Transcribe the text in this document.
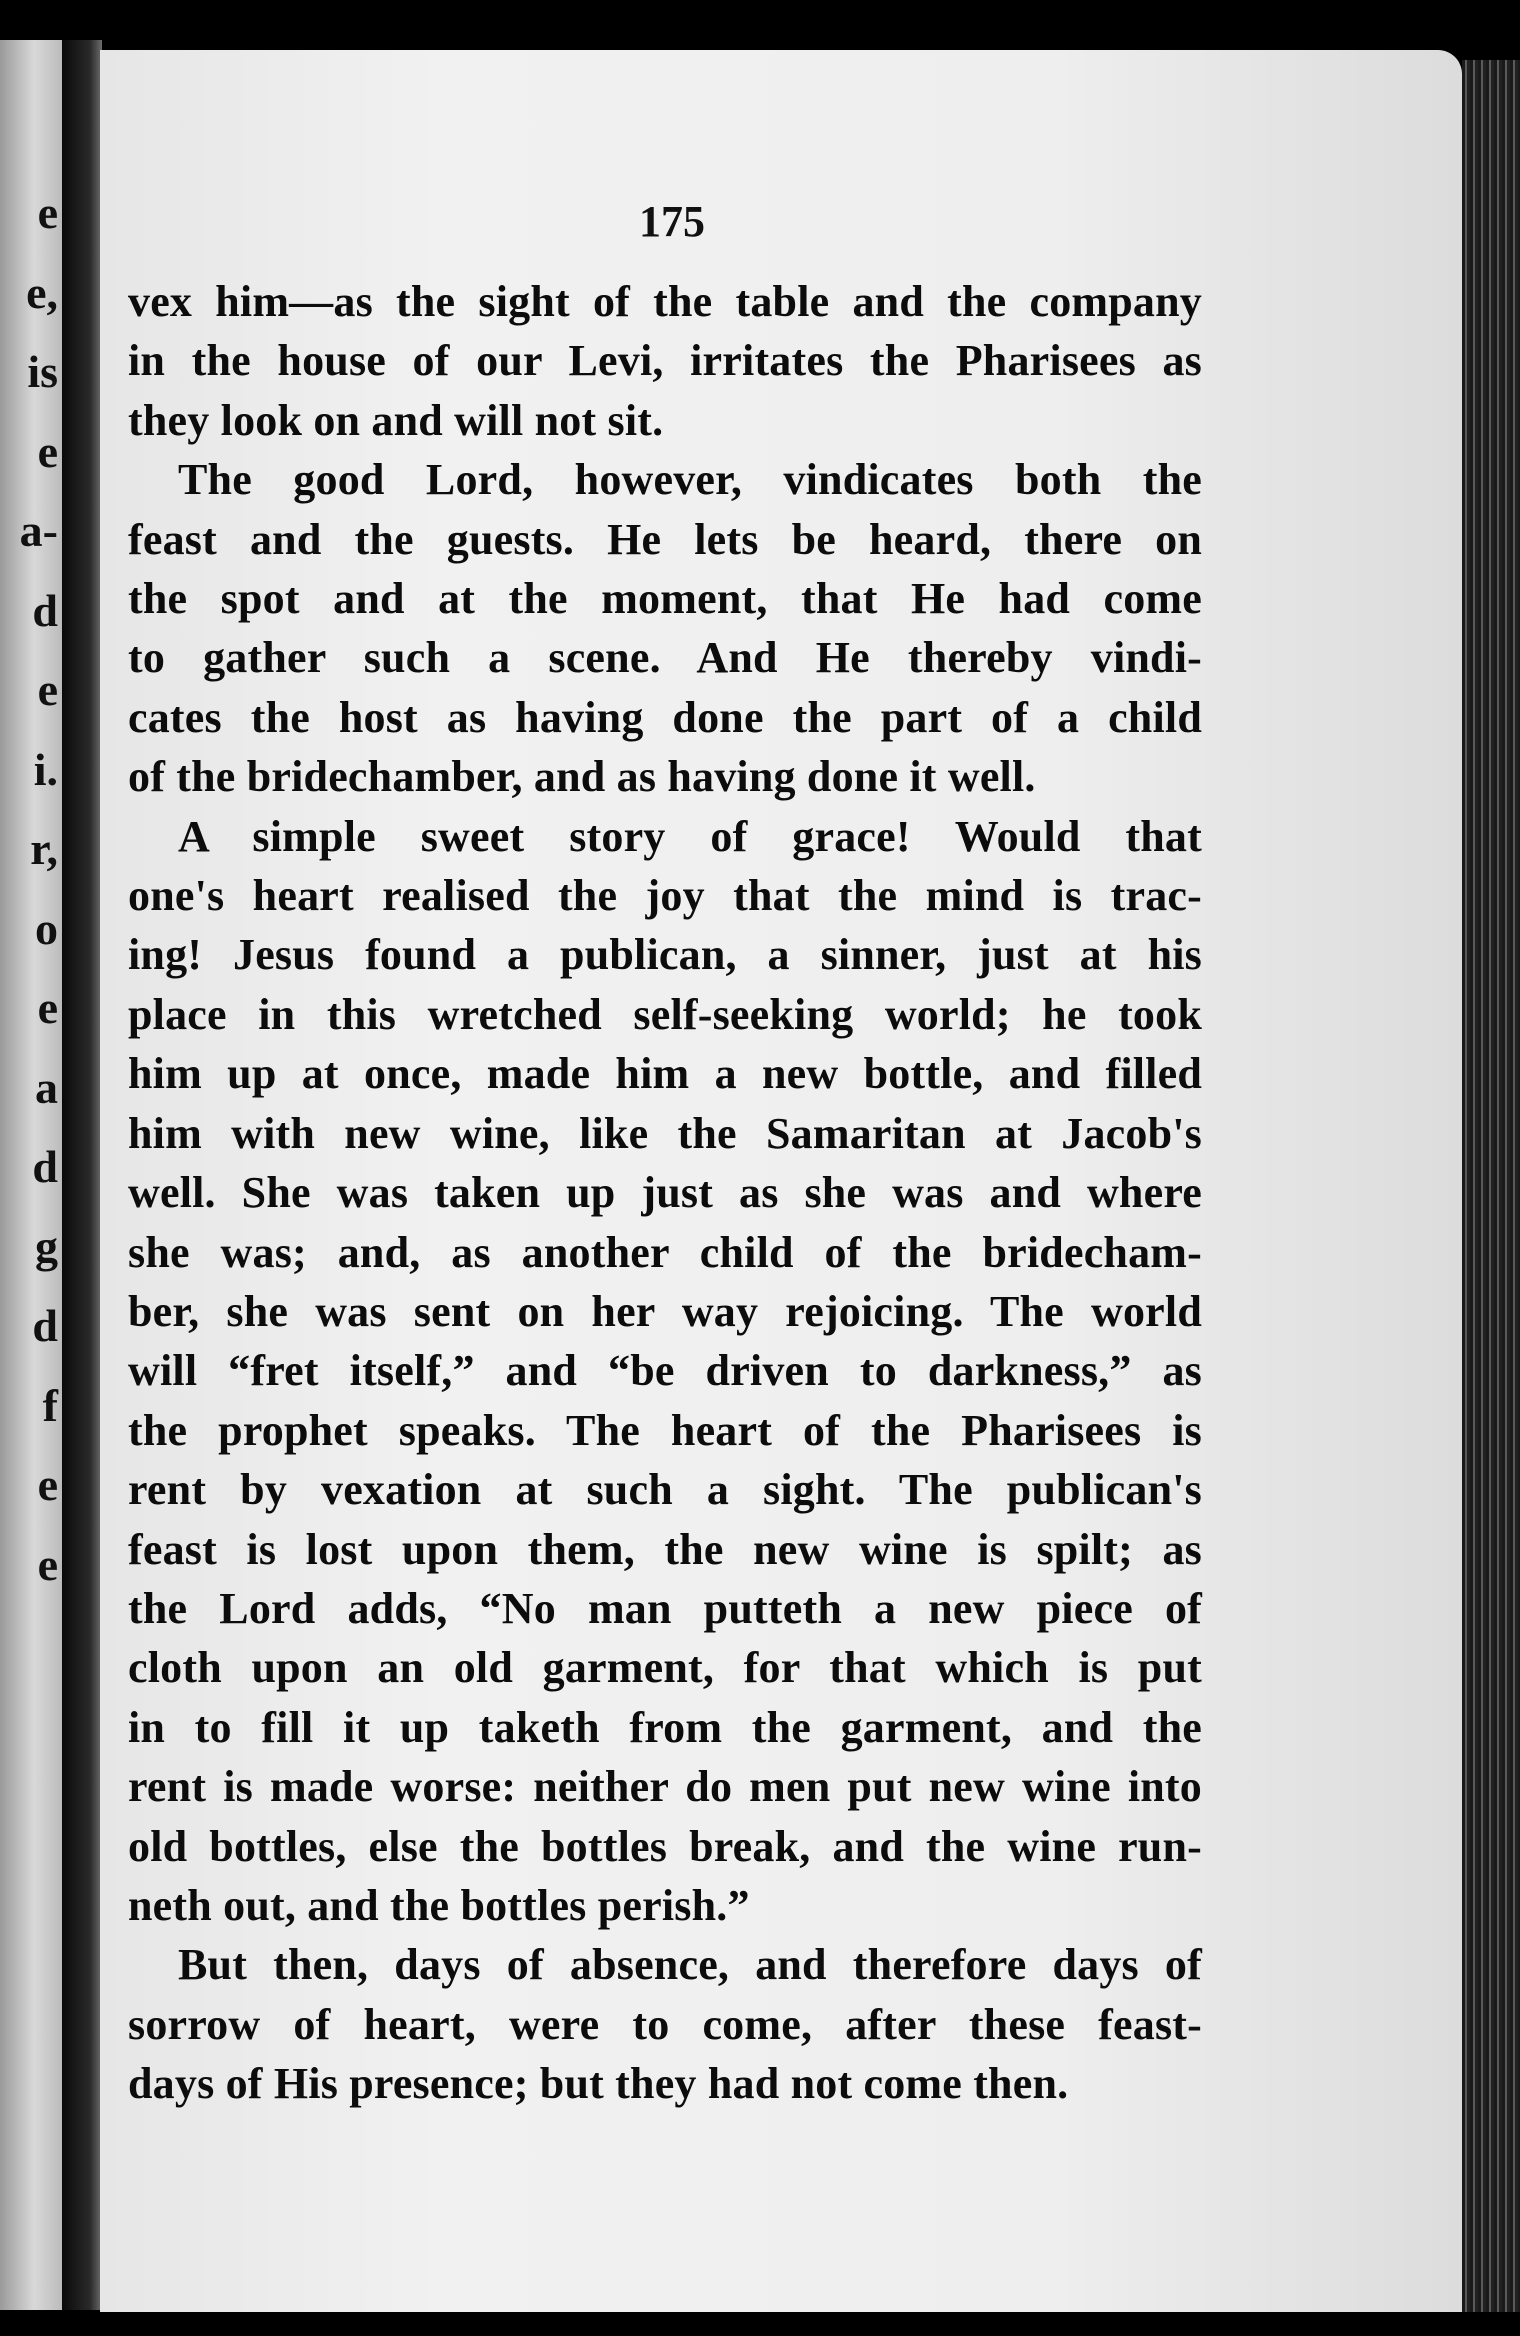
e
e,
is
e
a-
d
e
i.
r,
o
e
a
d
g
d
f
e
e
175

vex him—as the sight of the table and the company
in the house of our Levi, irritates the Pharisees as
they look on and will not sit.

The good Lord, however, vindicates both the
feast and the guests. He lets be heard, there on
the spot and at the moment, that He had come
to gather such a scene. And He thereby vindi-
cates the host as having done the part of a child
of the bridechamber, and as having done it well.

A simple sweet story of grace! Would that
one's heart realised the joy that the mind is trac-
ing! Jesus found a publican, a sinner, just at his
place in this wretched self-seeking world; he took
him up at once, made him a new bottle, and filled
him with new wine, like the Samaritan at Jacob's
well. She was taken up just as she was and where
she was; and, as another child of the bridecham-
ber, she was sent on her way rejoicing. The world
will “fret itself,” and “be driven to darkness,” as
the prophet speaks. The heart of the Pharisees is
rent by vexation at such a sight. The publican's
feast is lost upon them, the new wine is spilt; as
the Lord adds, “No man putteth a new piece of
cloth upon an old garment, for that which is put
in to fill it up taketh from the garment, and the
rent is made worse: neither do men put new wine into
old bottles, else the bottles break, and the wine run-
neth out, and the bottles perish.”

But then, days of absence, and therefore days of
sorrow of heart, were to come, after these feast-
days of His presence; but they had not come then.
